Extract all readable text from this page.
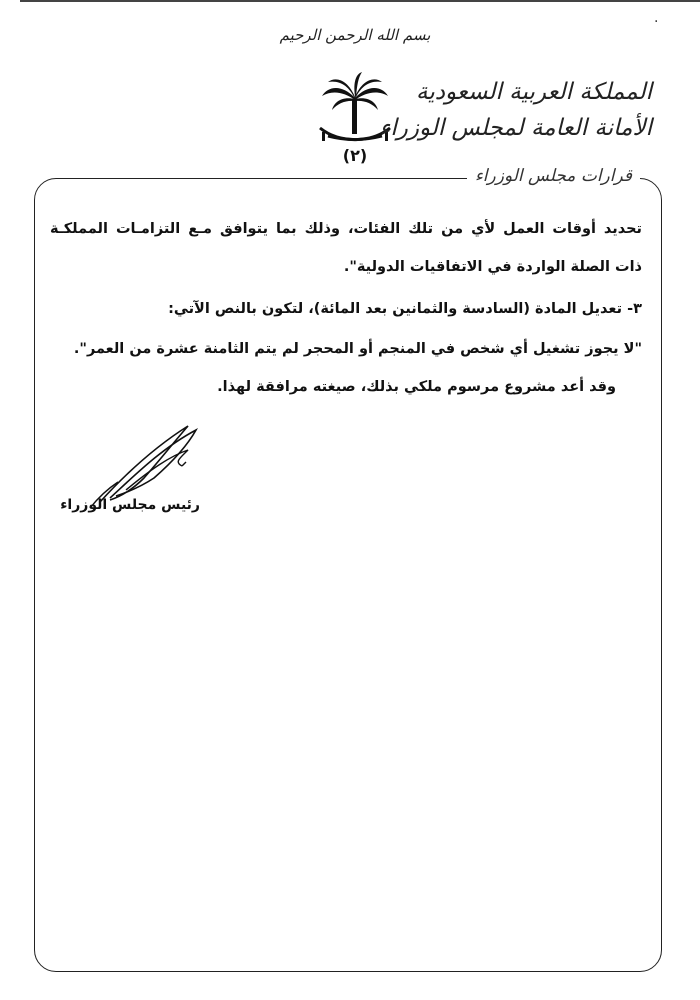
·
بسم الله الرحمن الرحيم
(٢)
المملكة العربية السعودية
الأمانة العامة لمجلس الوزراء
قرارات مجلس الوزراء
تحديد أوقات العمل لأي من تلك الفئات، وذلك بما يتوافق مـع التزامـات المملكـة
ذات الصلة الواردة في الاتفاقيات الدولية".
٣- تعديل المادة (السادسة والثمانين بعد المائة)، لتكون بالنص الآتي:
"لا يجوز تشغيل أي شخص في المنجم أو المحجر لم يتم الثامنة عشرة من العمر".
وقد أعد مشروع مرسوم ملكي بذلك، صيغته مرافقة لهذا.
رئيس مجلس الوزراء
